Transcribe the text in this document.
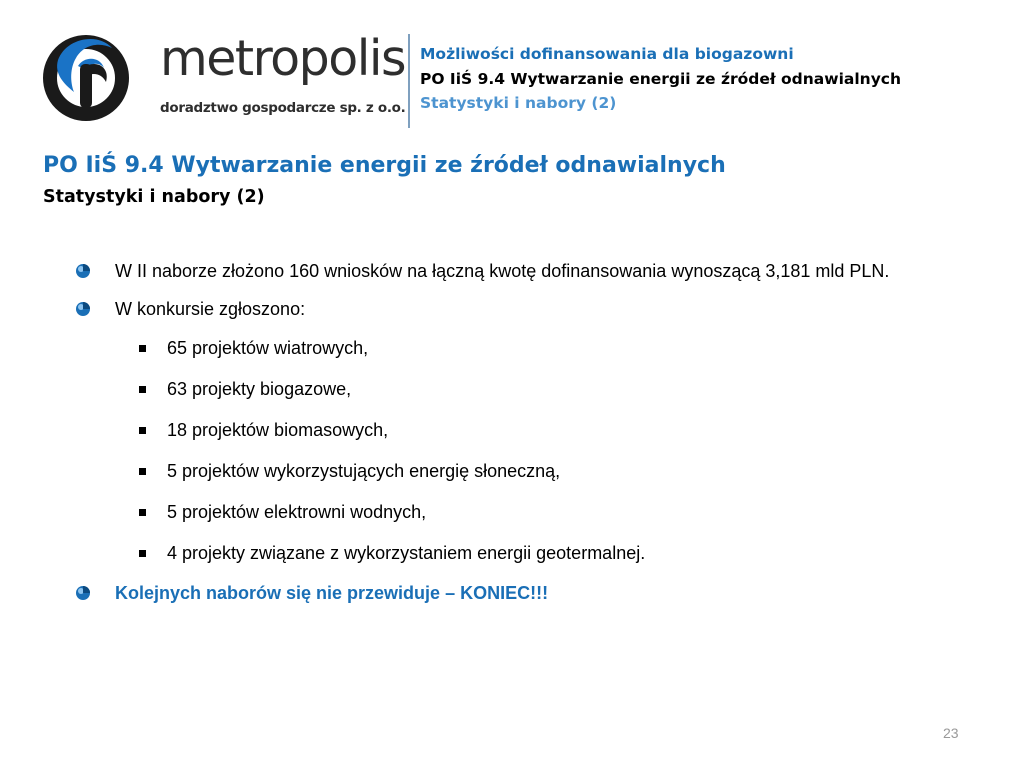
metropolis
doradztwo gospodarcze sp. z o.o.
Możliwości dofinansowania dla biogazowni
PO IiŚ 9.4 Wytwarzanie energii ze źródeł odnawialnych
Statystyki i nabory (2)
PO IiŚ 9.4 Wytwarzanie energii ze źródeł odnawialnych
Statystyki i nabory (2)
W II naborze złożono 160 wniosków na łączną kwotę dofinansowania wynoszącą 3,181 mld PLN.
W konkursie zgłoszono:
65 projektów wiatrowych,
63 projekty biogazowe,
18 projektów biomasowych,
5 projektów wykorzystujących energię słoneczną,
5 projektów elektrowni wodnych,
4 projekty związane z wykorzystaniem energii geotermalnej.
Kolejnych naborów się nie przewiduje – KONIEC!!!
23
